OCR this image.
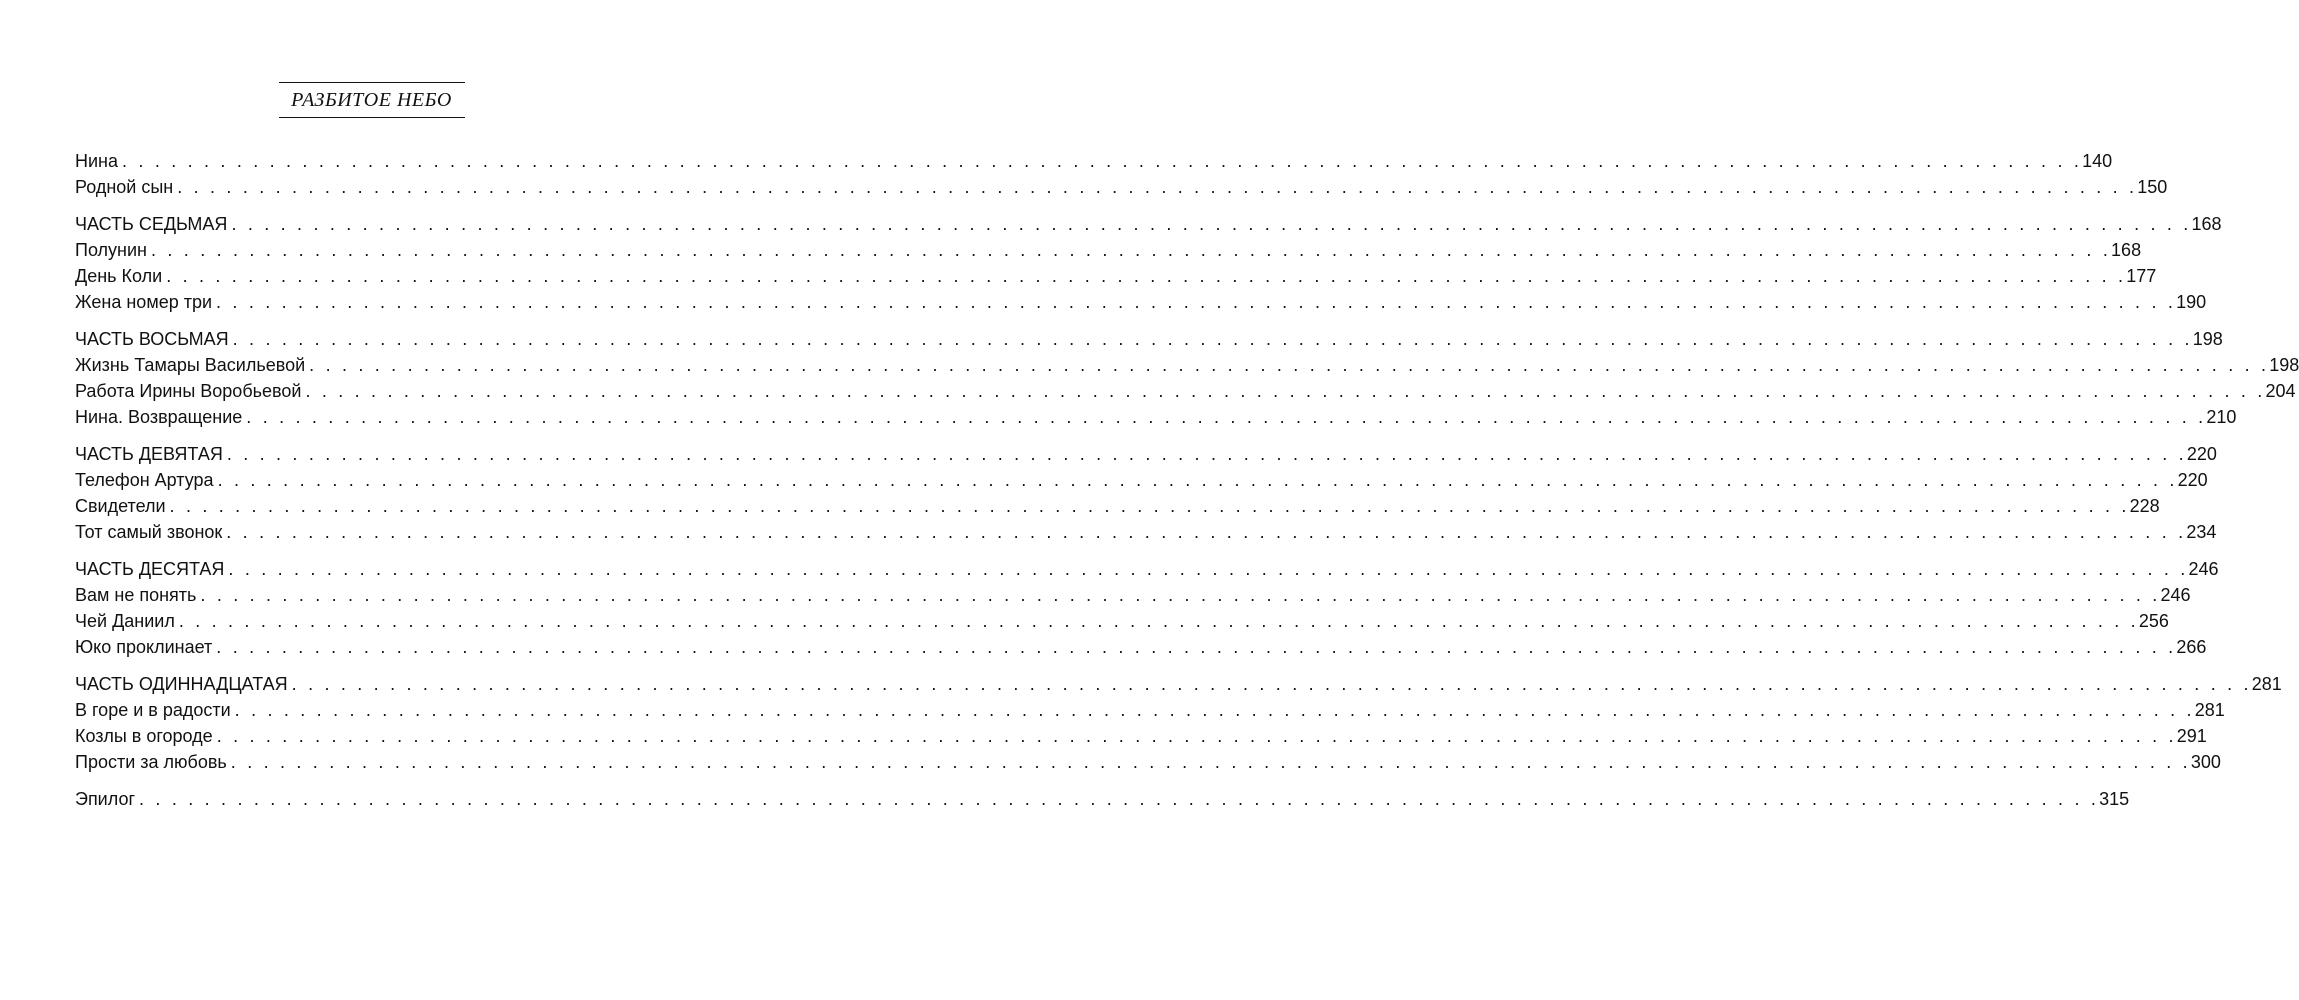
РАЗБИТОЕ НЕБО
Нина . . . . . . . . . . . . . . . . . . . . . . . . . . . . . . . . . . . . . . . . . . . . . . . . . . . . . . . . . . . . . . . . . . . . . . . . . . . . . . . . . . . . . . . . . . . . . . . . . . . . . . . . . . . . . . . . . . . . . . . . 140
Родной сын . . . . . . . . . . . . . . . . . . . . . . . . . . . . . . . . . . . . . . . . . . . . . . . . . . . . . . . . . . . . . . . . . . . . . . . . . . . . . . . . . . . . . . . . . . . . . . . . . . . . . . . . . . . . . . . . . . . . . . . . 150
ЧАСТЬ СЕДЬМАЯ . . . . . . . . . . . . . . . . . . . . . . . . . . . . . . . . . . . . . . . . . . . . . . . . . . . . . . . . . . . . . . . . . . . . . . . . . . . . . . . . . . . . . . . . . . . . . . . . . . . . . . . . . . . . . . . . . . . . . . . . 168
Полунин . . . . . . . . . . . . . . . . . . . . . . . . . . . . . . . . . . . . . . . . . . . . . . . . . . . . . . . . . . . . . . . . . . . . . . . . . . . . . . . . . . . . . . . . . . . . . . . . . . . . . . . . . . . . . . . . . . . . . . . . 168
День Коли . . . . . . . . . . . . . . . . . . . . . . . . . . . . . . . . . . . . . . . . . . . . . . . . . . . . . . . . . . . . . . . . . . . . . . . . . . . . . . . . . . . . . . . . . . . . . . . . . . . . . . . . . . . . . . . . . . . . . . . . 177
Жена номер три . . . . . . . . . . . . . . . . . . . . . . . . . . . . . . . . . . . . . . . . . . . . . . . . . . . . . . . . . . . . . . . . . . . . . . . . . . . . . . . . . . . . . . . . . . . . . . . . . . . . . . . . . . . . . . . . . . . . . . . . 190
ЧАСТЬ ВОСЬМАЯ . . . . . . . . . . . . . . . . . . . . . . . . . . . . . . . . . . . . . . . . . . . . . . . . . . . . . . . . . . . . . . . . . . . . . . . . . . . . . . . . . . . . . . . . . . . . . . . . . . . . . . . . . . . . . . . . . . . . . . . . 198
Жизнь Тамары Васильевой . . . . . . . . . . . . . . . . . . . . . . . . . . . . . . . . . . . . . . . . . . . . . . . . . . . . . . . . . . . . . . . . . . . . . . . . . . . . . . . . . . . . . . . . . . . . . . . . . . . . . . . . . . . . . . . . . . . . . . . . 198
Работа Ирины Воробьевой . . . . . . . . . . . . . . . . . . . . . . . . . . . . . . . . . . . . . . . . . . . . . . . . . . . . . . . . . . . . . . . . . . . . . . . . . . . . . . . . . . . . . . . . . . . . . . . . . . . . . . . . . . . . . . . . . . . . . . . . 204
Нина. Возвращение . . . . . . . . . . . . . . . . . . . . . . . . . . . . . . . . . . . . . . . . . . . . . . . . . . . . . . . . . . . . . . . . . . . . . . . . . . . . . . . . . . . . . . . . . . . . . . . . . . . . . . . . . . . . . . . . . . . . . . . . 210
ЧАСТЬ ДЕВЯТАЯ . . . . . . . . . . . . . . . . . . . . . . . . . . . . . . . . . . . . . . . . . . . . . . . . . . . . . . . . . . . . . . . . . . . . . . . . . . . . . . . . . . . . . . . . . . . . . . . . . . . . . . . . . . . . . . . . . . . . . . . . 220
Телефон Артура . . . . . . . . . . . . . . . . . . . . . . . . . . . . . . . . . . . . . . . . . . . . . . . . . . . . . . . . . . . . . . . . . . . . . . . . . . . . . . . . . . . . . . . . . . . . . . . . . . . . . . . . . . . . . . . . . . . . . . . . 220
Свидетели . . . . . . . . . . . . . . . . . . . . . . . . . . . . . . . . . . . . . . . . . . . . . . . . . . . . . . . . . . . . . . . . . . . . . . . . . . . . . . . . . . . . . . . . . . . . . . . . . . . . . . . . . . . . . . . . . . . . . . . . 228
Тот самый звонок . . . . . . . . . . . . . . . . . . . . . . . . . . . . . . . . . . . . . . . . . . . . . . . . . . . . . . . . . . . . . . . . . . . . . . . . . . . . . . . . . . . . . . . . . . . . . . . . . . . . . . . . . . . . . . . . . . . . . . . . 234
ЧАСТЬ ДЕСЯТАЯ . . . . . . . . . . . . . . . . . . . . . . . . . . . . . . . . . . . . . . . . . . . . . . . . . . . . . . . . . . . . . . . . . . . . . . . . . . . . . . . . . . . . . . . . . . . . . . . . . . . . . . . . . . . . . . . . . . . . . . . . 246
Вам не понять . . . . . . . . . . . . . . . . . . . . . . . . . . . . . . . . . . . . . . . . . . . . . . . . . . . . . . . . . . . . . . . . . . . . . . . . . . . . . . . . . . . . . . . . . . . . . . . . . . . . . . . . . . . . . . . . . . . . . . . . 246
Чей Даниил . . . . . . . . . . . . . . . . . . . . . . . . . . . . . . . . . . . . . . . . . . . . . . . . . . . . . . . . . . . . . . . . . . . . . . . . . . . . . . . . . . . . . . . . . . . . . . . . . . . . . . . . . . . . . . . . . . . . . . . . 256
Юко проклинает . . . . . . . . . . . . . . . . . . . . . . . . . . . . . . . . . . . . . . . . . . . . . . . . . . . . . . . . . . . . . . . . . . . . . . . . . . . . . . . . . . . . . . . . . . . . . . . . . . . . . . . . . . . . . . . . . . . . . . . . 266
ЧАСТЬ ОДИННАДЦАТАЯ . . . . . . . . . . . . . . . . . . . . . . . . . . . . . . . . . . . . . . . . . . . . . . . . . . . . . . . . . . . . . . . . . . . . . . . . . . . . . . . . . . . . . . . . . . . . . . . . . . . . . . . . . . . . . . . . . . . . . . . . 281
В горе и в радости . . . . . . . . . . . . . . . . . . . . . . . . . . . . . . . . . . . . . . . . . . . . . . . . . . . . . . . . . . . . . . . . . . . . . . . . . . . . . . . . . . . . . . . . . . . . . . . . . . . . . . . . . . . . . . . . . . . . . . . . 281
Козлы в огороде . . . . . . . . . . . . . . . . . . . . . . . . . . . . . . . . . . . . . . . . . . . . . . . . . . . . . . . . . . . . . . . . . . . . . . . . . . . . . . . . . . . . . . . . . . . . . . . . . . . . . . . . . . . . . . . . . . . . . . . . 291
Прости за любовь . . . . . . . . . . . . . . . . . . . . . . . . . . . . . . . . . . . . . . . . . . . . . . . . . . . . . . . . . . . . . . . . . . . . . . . . . . . . . . . . . . . . . . . . . . . . . . . . . . . . . . . . . . . . . . . . . . . . . . . . 300
Эпилог . . . . . . . . . . . . . . . . . . . . . . . . . . . . . . . . . . . . . . . . . . . . . . . . . . . . . . . . . . . . . . . . . . . . . . . . . . . . . . . . . . . . . . . . . . . . . . . . . . . . . . . . . . . . . . . . . . . . . . . . 315
